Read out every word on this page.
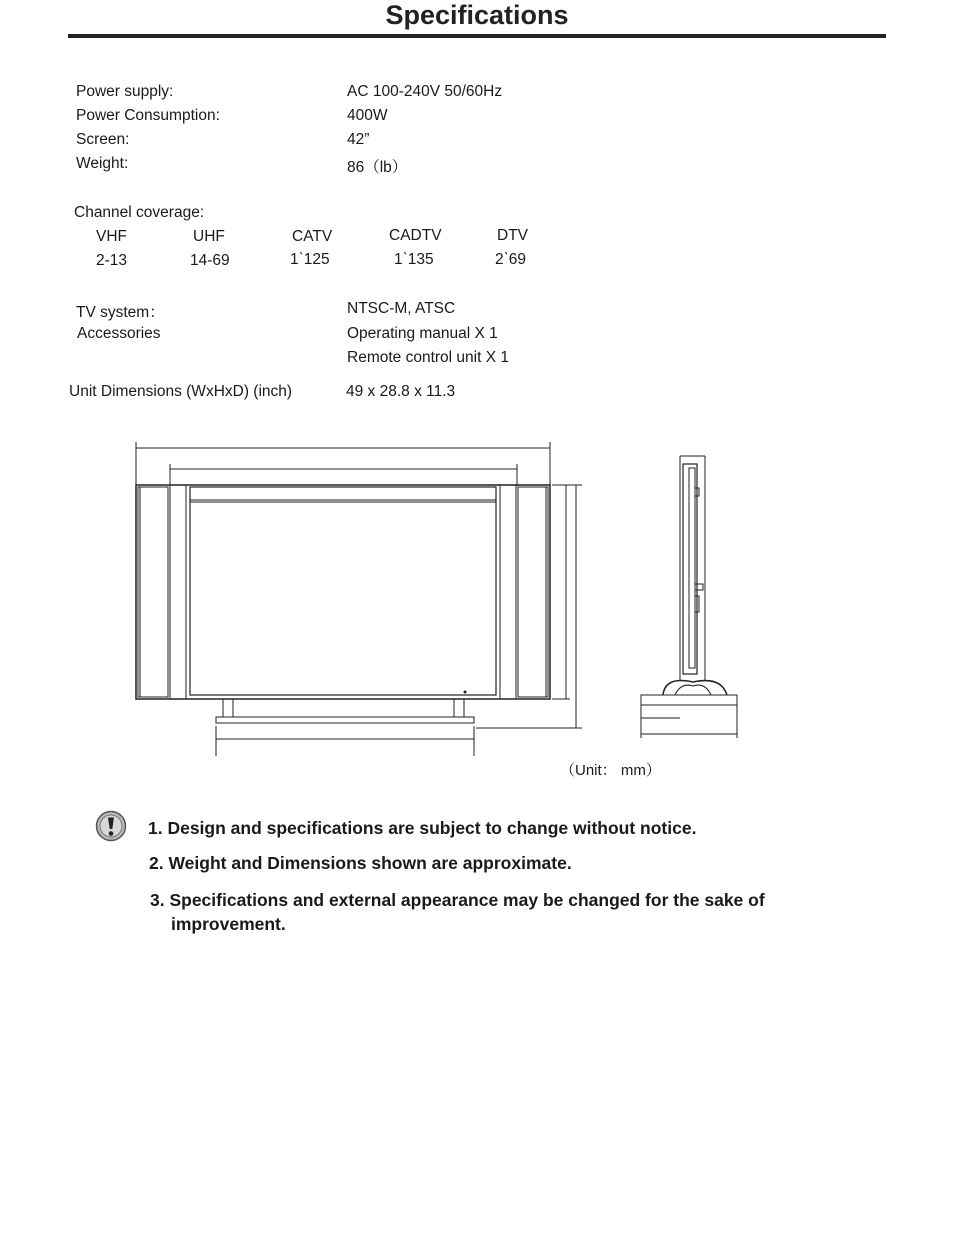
Specifications
Power supply:	AC 100-240V 50/60Hz
Power Consumption:	400W
Screen:	42”
Weight:	86（lb）
Channel coverage:
VHF	UHF	CATV	CADTV	DTV
2-13	14-69	1ˋ125	1ˋ135	2ˋ69
TV system：	NTSC-M, ATSC
Accessories	Operating manual X 1
Remote control unit X 1
Unit Dimensions (WxHxD) (inch)	49 x 28.8 x 11.3
（Unit： mm）
1. Design and specifications are subject to change without notice.
2. Weight and Dimensions shown are approximate.
3. Specifications and external appearance may be changed for the sake of
improvement.
